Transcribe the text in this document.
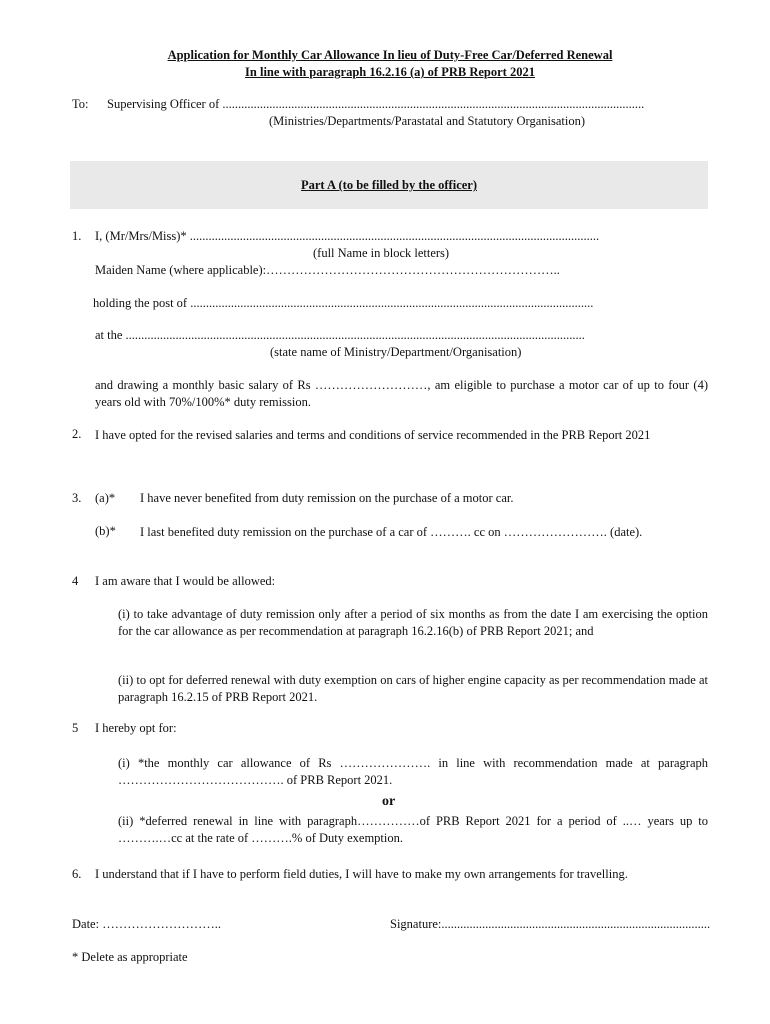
Application for Monthly Car Allowance In lieu of Duty-Free Car/Deferred Renewal
In line with paragraph 16.2.16 (a) of PRB Report 2021
To: Supervising Officer of .......................................................................................................................................
(Ministries/Departments/Parastatal and Statutory Organisation)
Part A (to be filled by the officer)
1. I, (Mr/Mrs/Miss)* ...................................................................................................................................
(full Name in block letters)
Maiden Name (where applicable):……………………………………………………………..
holding the post of .................................................................................................................................
at the ...................................................................................................................................................
(state name of Ministry/Department/Organisation)
and drawing a monthly basic salary of Rs ………………………, am eligible to purchase a motor car of up to four (4) years old with 70%/100%* duty remission.
2. I have opted for the revised salaries and terms and conditions of service recommended in the PRB Report 2021
3. (a)* I have never benefited from duty remission on the purchase of a motor car.
(b)* I last benefited duty remission on the purchase of a car of ………. cc on ……………………. (date).
4 I am aware that I would be allowed:
(i) to take advantage of duty remission only after a period of six months as from the date I am exercising the option for the car allowance as per recommendation at paragraph 16.2.16(b) of PRB Report 2021; and
(ii) to opt for deferred renewal with duty exemption on cars of higher engine capacity as per recommendation made at paragraph 16.2.15 of PRB Report 2021.
5 I hereby opt for:
(i) *the monthly car allowance of Rs …………………. in line with recommendation made at paragraph …………………………………. of PRB Report 2021.
or
(ii) *deferred renewal in line with paragraph……………of PRB Report 2021 for a period of ..… years up to ……….…cc at the rate of ……….% of Duty exemption.
6. I understand that if I have to perform field duties, I will have to make my own arrangements for travelling.
Date: ………………………..	Signature:......................................................................................
* Delete as appropriate
